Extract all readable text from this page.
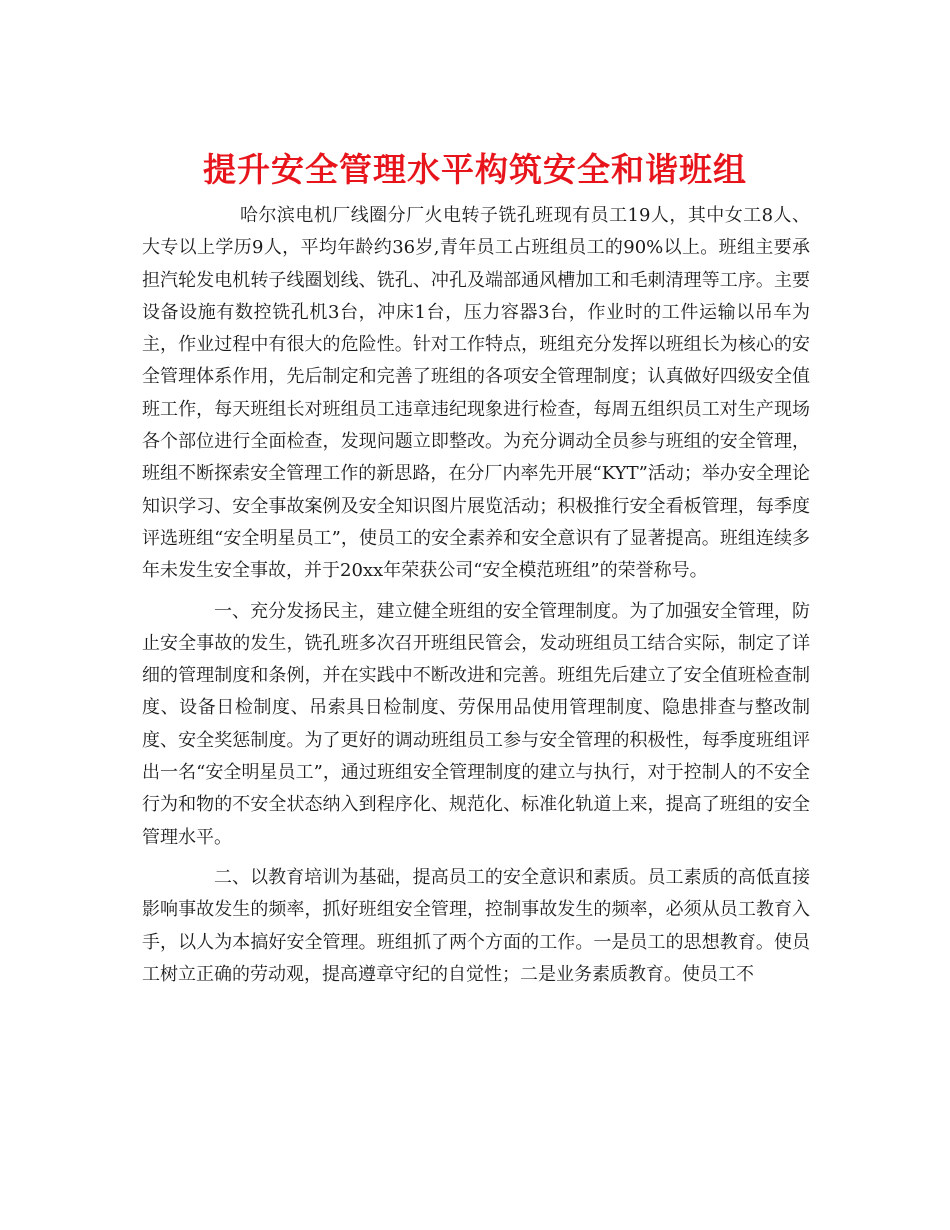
提升安全管理水平构筑安全和谐班组

哈尔滨电机厂线圈分厂火电转子铣孔班现有员工19人，其中女工8人、大专以上学历9人，平均年龄约36岁,青年员工占班组员工的90%以上。班组主要承担汽轮发电机转子线圈划线、铣孔、冲孔及端部通风槽加工和毛刺清理等工序。主要设备设施有数控铣孔机3台，冲床1台，压力容器3台，作业时的工件运输以吊车为主，作业过程中有很大的危险性。针对工作特点，班组充分发挥以班组长为核心的安全管理体系作用，先后制定和完善了班组的各项安全管理制度；认真做好四级安全值班工作，每天班组长对班组员工违章违纪现象进行检查，每周五组织员工对生产现场各个部位进行全面检查，发现问题立即整改。为充分调动全员参与班组的安全管理，班组不断探索安全管理工作的新思路，在分厂内率先开展“KYT”活动；举办安全理论知识学习、安全事故案例及安全知识图片展览活动；积极推行安全看板管理，每季度评选班组“安全明星员工”，使员工的安全素养和安全意识有了显著提高。班组连续多年未发生安全事故，并于20xx年荣获公司“安全模范班组”的荣誉称号。

一、充分发扬民主，建立健全班组的安全管理制度。为了加强安全管理，防止安全事故的发生，铣孔班多次召开班组民管会，发动班组员工结合实际，制定了详细的管理制度和条例，并在实践中不断改进和完善。班组先后建立了安全值班检查制度、设备日检制度、吊索具日检制度、劳保用品使用管理制度、隐患排查与整改制度、安全奖惩制度。为了更好的调动班组员工参与安全管理的积极性，每季度班组评出一名“安全明星员工”，通过班组安全管理制度的建立与执行，对于控制人的不安全行为和物的不安全状态纳入到程序化、规范化、标准化轨道上来，提高了班组的安全管理水平。

二、以教育培训为基础，提高员工的安全意识和素质。员工素质的高低直接影响事故发生的频率，抓好班组安全管理，控制事故发生的频率，必须从员工教育入手，以人为本搞好安全管理。班组抓了两个方面的工作。一是员工的思想教育。使员工树立正确的劳动观，提高遵章守纪的自觉性；二是业务素质教育。使员工不
